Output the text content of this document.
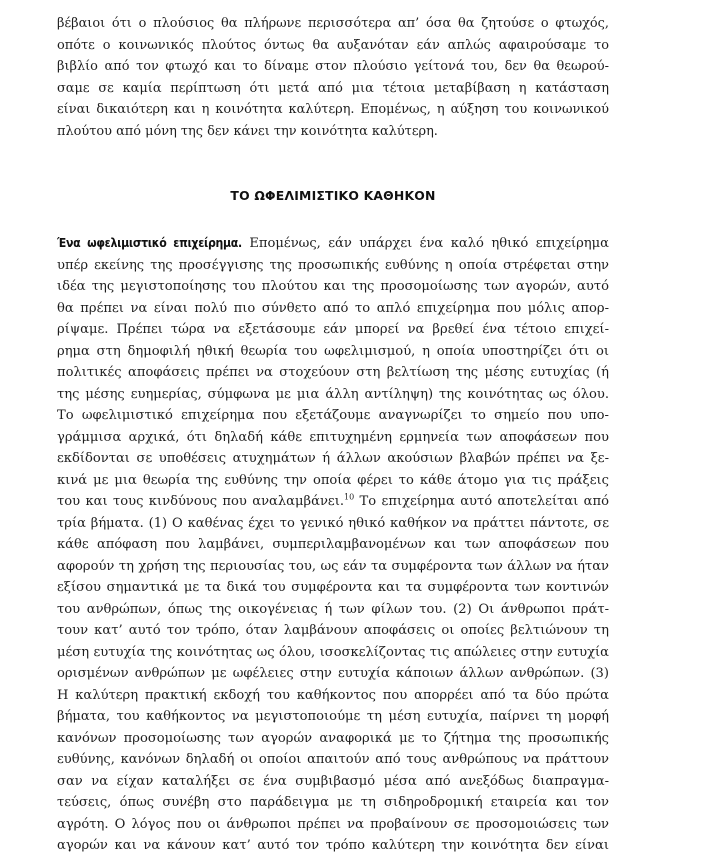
βέβαιοι ότι ο πλούσιος θα πλήρωνε περισσότερα απ’ όσα θα ζητούσε ο φτωχός,
οπότε ο κοινωνικός πλούτος όντως θα αυξανόταν εάν απλώς αφαιρούσαμε το
βιβλίο από τον φτωχό και το δίναμε στον πλούσιο γείτονά του, δεν θα θεωρού-
σαμε σε καμία περίπτωση ότι μετά από μια τέτοια μεταβίβαση η κατάσταση
είναι δικαιότερη και η κοινότητα καλύτερη. Επομένως, η αύξηση του κοινωνικού
πλούτου από μόνη της δεν κάνει την κοινότητα καλύτερη.
ΤΟ ΩΦΕΛΙΜΙΣΤΙΚΟ ΚΑΘΗΚΟΝ
Ένα ωφελιμιστικό επιχείρημα. Επομένως, εάν υπάρχει ένα καλό ηθικό επιχείρημα
υπέρ εκείνης της προσέγγισης της προσωπικής ευθύνης η οποία στρέφεται στην
ιδέα της μεγιστοποίησης του πλούτου και της προσομοίωσης των αγορών, αυτό
θα πρέπει να είναι πολύ πιο σύνθετο από το απλό επιχείρημα που μόλις απορ-
ρίψαμε. Πρέπει τώρα να εξετάσουμε εάν μπορεί να βρεθεί ένα τέτοιο επιχεί-
ρημα στη δημοφιλή ηθική θεωρία του ωφελιμισμού, η οποία υποστηρίζει ότι οι
πολιτικές αποφάσεις πρέπει να στοχεύουν στη βελτίωση της μέσης ευτυχίας (ή
της μέσης ευημερίας, σύμφωνα με μια άλλη αντίληψη) της κοινότητας ως όλου.
Το ωφελιμιστικό επιχείρημα που εξετάζουμε αναγνωρίζει το σημείο που υπο-
γράμμισα αρχικά, ότι δηλαδή κάθε επιτυχημένη ερμηνεία των αποφάσεων που
εκδίδονται σε υποθέσεις ατυχημάτων ή άλλων ακούσιων βλαβών πρέπει να ξε-
κινά με μια θεωρία της ευθύνης την οποία φέρει το κάθε άτομο για τις πράξεις
του και τους κινδύνους που αναλαμβάνει.$^{10}$ Το επιχείρημα αυτό αποτελείται από
τρία βήματα. (1) Ο καθένας έχει το γενικό ηθικό καθήκον να πράττει πάντοτε, σε
κάθε απόφαση που λαμβάνει, συμπεριλαμβανομένων και των αποφάσεων που
αφορούν τη χρήση της περιουσίας του, ως εάν τα συμφέροντα των άλλων να ήταν
εξίσου σημαντικά με τα δικά του συμφέροντα και τα συμφέροντα των κοντινών
του ανθρώπων, όπως της οικογένειας ή των φίλων του. (2) Οι άνθρωποι πράτ-
τουν κατ’ αυτό τον τρόπο, όταν λαμβάνουν αποφάσεις οι οποίες βελτιώνουν τη
μέση ευτυχία της κοινότητας ως όλου, ισοσκελίζοντας τις απώλειες στην ευτυχία
ορισμένων ανθρώπων με ωφέλειες στην ευτυχία κάποιων άλλων ανθρώπων. (3)
Η καλύτερη πρακτική εκδοχή του καθήκοντος που απορρέει από τα δύο πρώτα
βήματα, του καθήκοντος να μεγιστοποιούμε τη μέση ευτυχία, παίρνει τη μορφή
κανόνων προσομοίωσης των αγορών αναφορικά με το ζήτημα της προσωπικής
ευθύνης, κανόνων δηλαδή οι οποίοι απαιτούν από τους ανθρώπους να πράττουν
σαν να είχαν καταλήξει σε ένα συμβιβασμό μέσα από ανεξόδως διαπραγμα-
τεύσεις, όπως συνέβη στο παράδειγμα με τη σιδηροδρομική εταιρεία και τον
αγρότη. Ο λόγος που οι άνθρωποι πρέπει να προβαίνουν σε προσομοιώσεις των
αγορών και να κάνουν κατ’ αυτό τον τρόπο καλύτερη την κοινότητα δεν είναι
